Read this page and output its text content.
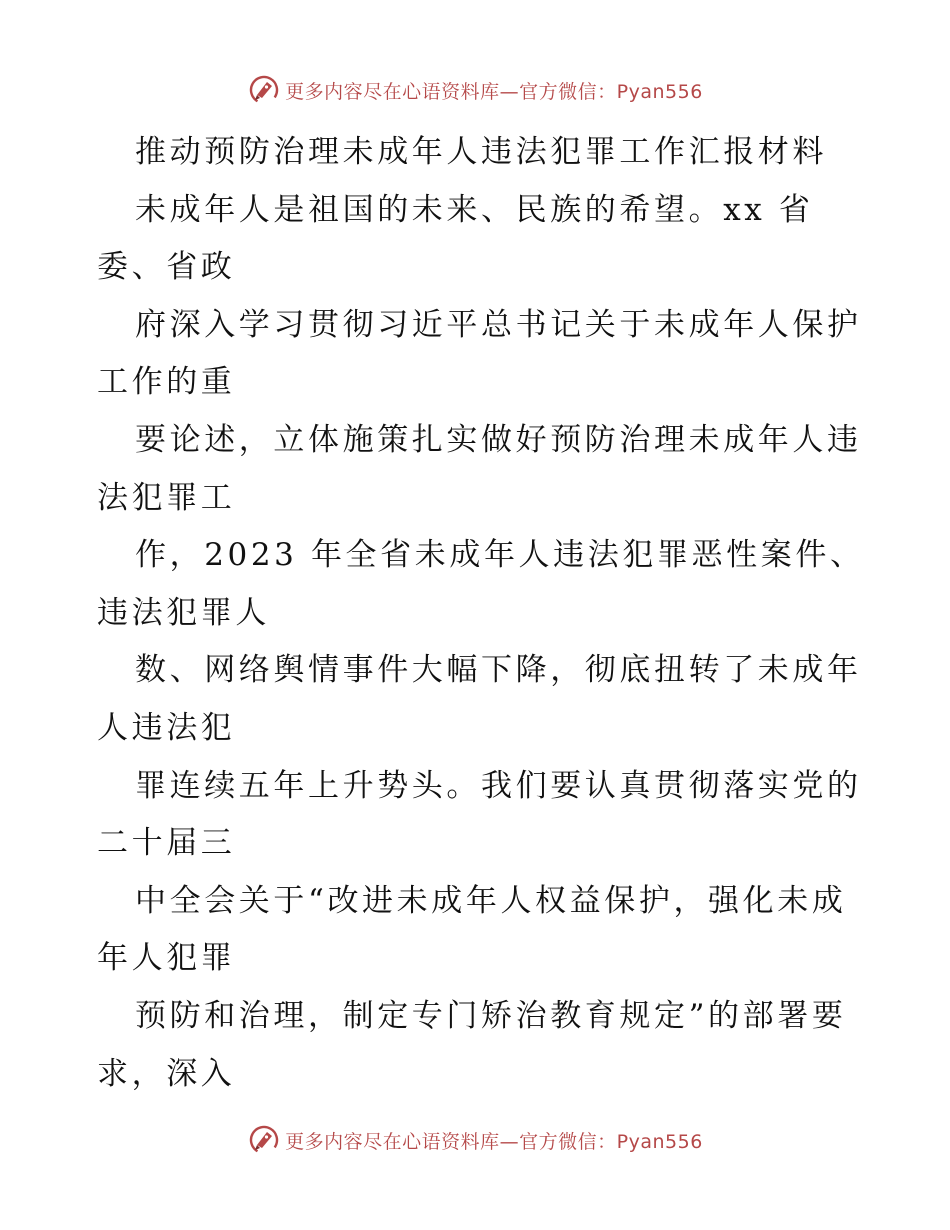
更多内容尽在心语资料库—官方微信：Pyan556
推动预防治理未成年人违法犯罪工作汇报材料
未成年人是祖国的未来、民族的希望。xx 省
委、省政
府深入学习贯彻习近平总书记关于未成年人保护
工作的重
要论述，立体施策扎实做好预防治理未成年人违
法犯罪工
作，2023 年全省未成年人违法犯罪恶性案件、
违法犯罪人
数、网络舆情事件大幅下降，彻底扭转了未成年
人违法犯
罪连续五年上升势头。我们要认真贯彻落实党的
二十届三
中全会关于“改进未成年人权益保护，强化未成
年人犯罪
预防和治理，制定专门矫治教育规定”的部署要
求，深入
更多内容尽在心语资料库—官方微信：Pyan556
